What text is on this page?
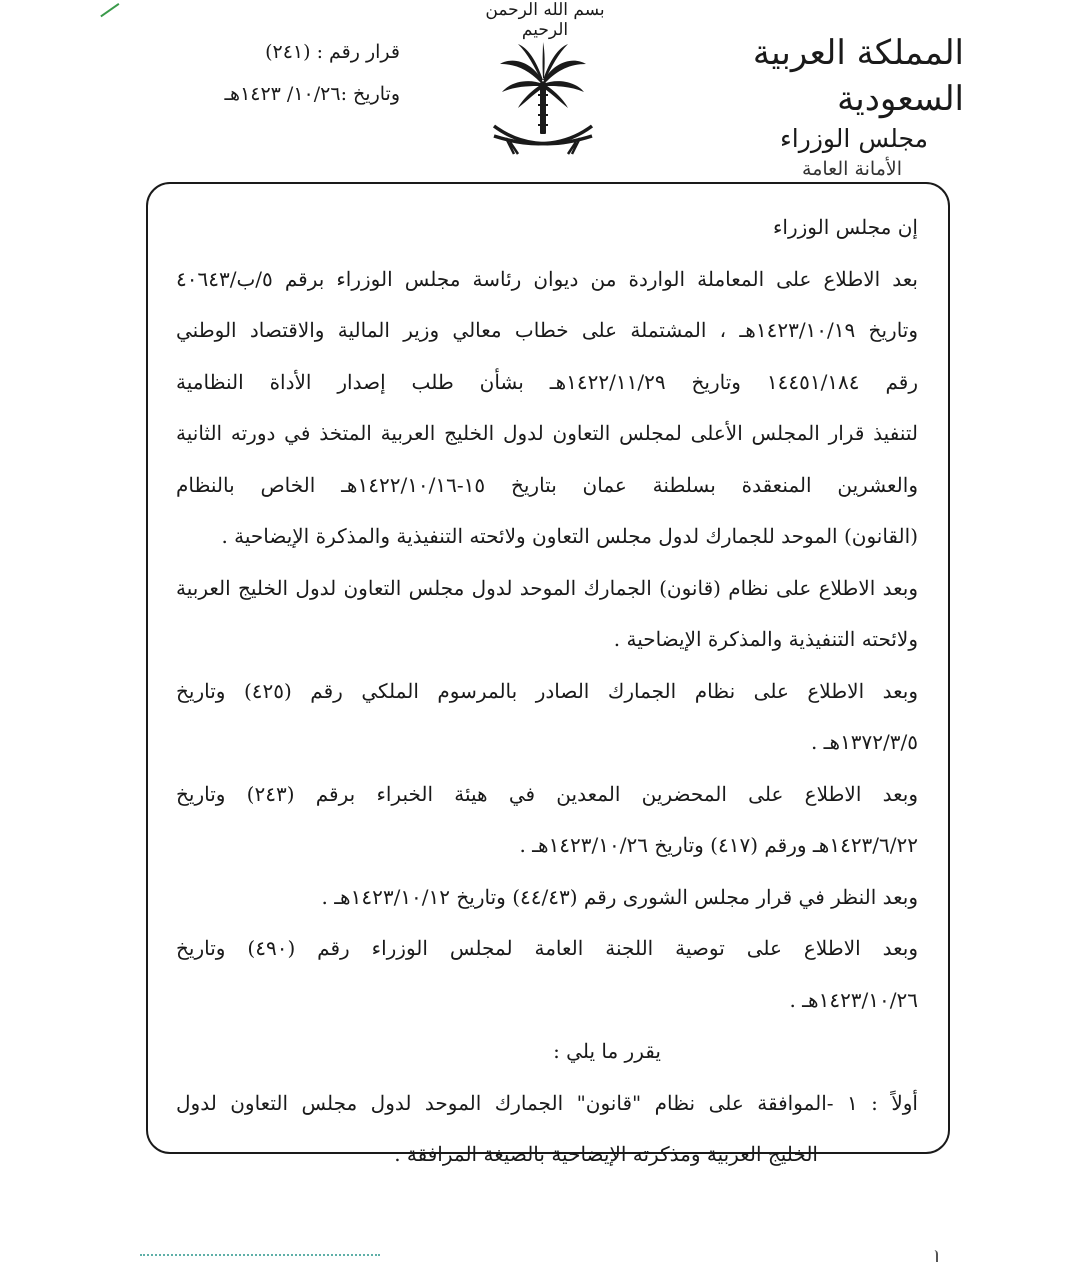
بسم الله الرحمن الرحيم
قرار رقم : (٢٤١)
وتاريخ :١٠/٢٦/ ١٤٢٣هـ
المملكة العربية السعودية
مجلس الوزراء
الأمانة العامة
إن مجلس الوزراء
بعد الاطلاع على المعاملة الواردة من ديوان رئاسة مجلس الوزراء برقم ٥/ب/٤٠٦٤٣
وتاريخ ١٤٢٣/١٠/١٩هـ ، المشتملة على خطاب معالي وزير المالية والاقتصاد الوطني
رقم ١٤٤٥١/١٨٤ وتاريخ ١٤٢٢/١١/٢٩هـ بشأن طلب إصدار الأداة النظامية
لتنفيذ قرار المجلس الأعلى لمجلس التعاون لدول الخليج العربية المتخذ في دورته الثانية
والعشرين المنعقدة بسلطنة عمان بتاريخ ١٥-١٤٢٢/١٠/١٦هـ الخاص بالنظام
(القانون) الموحد للجمارك لدول مجلس التعاون ولائحته التنفيذية والمذكرة الإيضاحية .
وبعد الاطلاع على نظام (قانون) الجمارك الموحد لدول مجلس التعاون لدول الخليج العربية
ولائحته التنفيذية والمذكرة الإيضاحية .
وبعد الاطلاع على نظام الجمارك الصادر بالمرسوم الملكي رقم (٤٢٥) وتاريخ
١٣٧٢/٣/٥هـ .
وبعد الاطلاع على المحضرين المعدين في هيئة الخبراء برقم (٢٤٣) وتاريخ
١٤٢٣/٦/٢٢هـ ورقم (٤١٧) وتاريخ ١٤٢٣/١٠/٢٦هـ .
وبعد النظر في قرار مجلس الشورى رقم (٤٤/٤٣) وتاريخ ١٤٢٣/١٠/١٢هـ .
وبعد الاطلاع على توصية اللجنة العامة لمجلس الوزراء رقم (٤٩٠) وتاريخ
١٤٢٣/١٠/٢٦هـ .
يقرر ما يلي :
أولاً : ١ -الموافقة على نظام "قانون" الجمارك الموحد لدول مجلس التعاون لدول
الخليج العربية ومذكرته الإيضاحية بالصيغة المرافقة .
